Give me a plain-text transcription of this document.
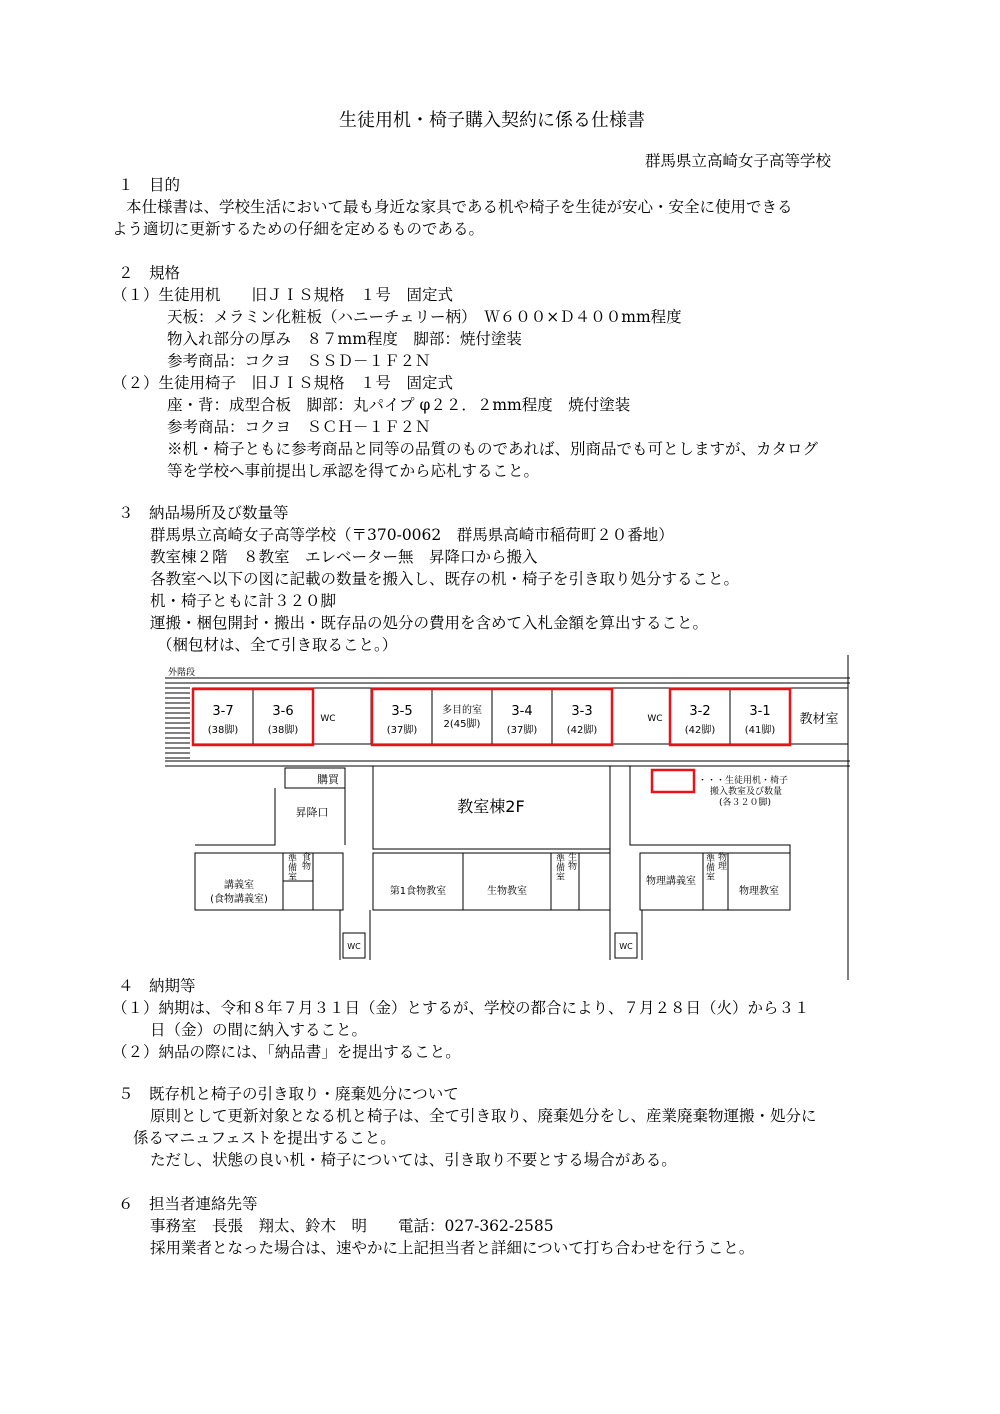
生徒用机・椅子購入契約に係る仕様書
群馬県立高崎女子高等学校
１　目的
本仕様書は、学校生活において最も身近な家具である机や椅子を生徒が安心・安全に使用できる
よう適切に更新するための仔細を定めるものである。
２　規格
（１）生徒用机　　旧ＪＩＳ規格　１号　固定式
天板：メラミン化粧板（ハニーチェリー柄）　Ｗ６００×Ｄ４００mm程度
物入れ部分の厚み　８７mm程度　脚部：焼付塗装
参考商品：コクヨ　ＳＳＤ－１Ｆ２Ｎ
（２）生徒用椅子　旧ＪＩＳ規格　１号　固定式
座・背：成型合板　脚部：丸パイプ φ２２．２mm程度　焼付塗装
参考商品：コクヨ　ＳＣＨ－１Ｆ２Ｎ
※机・椅子ともに参考商品と同等の品質のものであれば、別商品でも可としますが、カタログ
等を学校へ事前提出し承認を得てから応札すること。
３　納品場所及び数量等
群馬県立高崎女子高等学校（〒370-0062　群馬県高崎市稲荷町２０番地）
教室棟２階　８教室　エレベーター無　昇降口から搬入
各教室へ以下の図に記載の数量を搬入し、既存の机・椅子を引き取り処分すること。
机・椅子ともに計３２０脚
運搬・梱包開封・搬出・既存品の処分の費用を含めて入札金額を算出すること。
（梱包材は、全て引き取ること。）
外階段
3-7
(38脚)
3-6
(38脚)
WC	3-5
(37脚)
多目的室
2(45脚)
3-4
(37脚)
3-3
(42脚)
WC 3-2
(42脚)
3-1
(41脚)
教材室
購買
昇降口	教室棟2F
・・・生徒用机・椅子
搬入教室及び数量
(各３２０脚)
講義室
(食物講義室)
準備室 食物
第1食物教室	生物教室
準備室 生物
物理講義室
準備室 物理
物理教室
WC	WC
４　納期等
（１）納期は、令和８年７月３１日（金）とするが、学校の都合により、７月２８日（火）から３１
日（金）の間に納入すること。
（２）納品の際には、「納品書」を提出すること。
５　既存机と椅子の引き取り・廃棄処分について
原則として更新対象となる机と椅子は、全て引き取り、廃棄処分をし、産業廃棄物運搬・処分に
係るマニュフェストを提出すること。
ただし、状態の良い机・椅子については、引き取り不要とする場合がある。
６　担当者連絡先等
事務室　長張　翔太、鈴木　明　　電話：027-362-2585
採用業者となった場合は、速やかに上記担当者と詳細について打ち合わせを行うこと。
